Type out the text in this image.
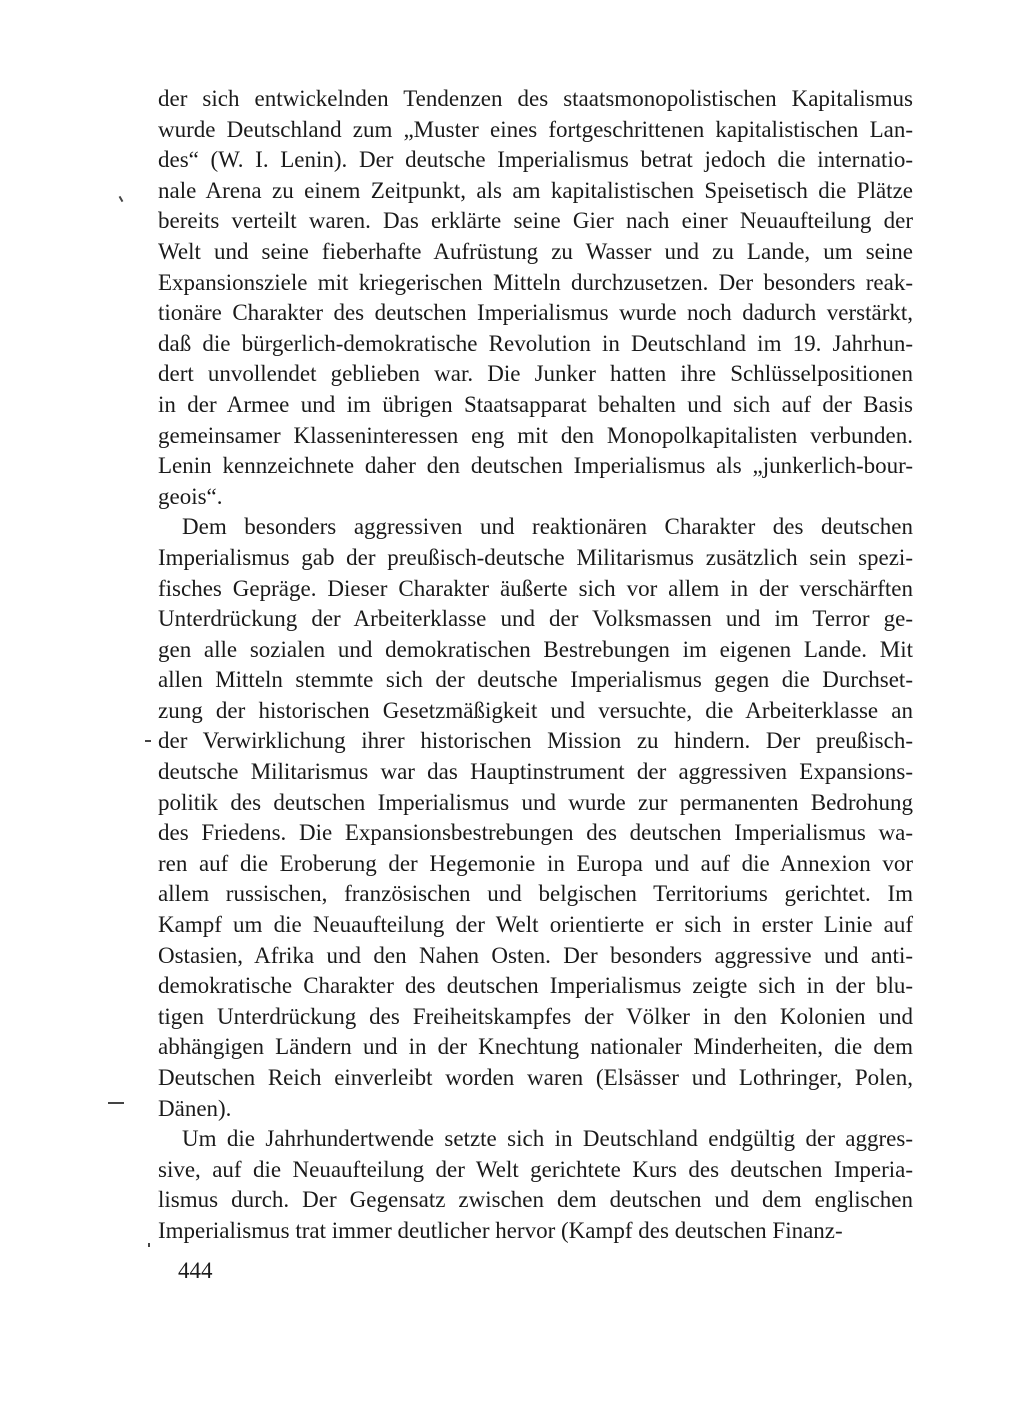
der sich entwickelnden Tendenzen des staatsmonopolistischen Kapitalismus
wurde Deutschland zum „Muster eines fortgeschrittenen kapitalistischen Lan-
des“ (W. I. Lenin). Der deutsche Imperialismus betrat jedoch die internatio-
nale Arena zu einem Zeitpunkt, als am kapitalistischen Speisetisch die Plätze
bereits verteilt waren. Das erklärte seine Gier nach einer Neuaufteilung der
Welt und seine fieberhafte Aufrüstung zu Wasser und zu Lande, um seine
Expansionsziele mit kriegerischen Mitteln durchzusetzen. Der besonders reak-
tionäre Charakter des deutschen Imperialismus wurde noch dadurch verstärkt,
daß die bürgerlich-demokratische Revolution in Deutschland im 19. Jahrhun-
dert unvollendet geblieben war. Die Junker hatten ihre Schlüsselpositionen
in der Armee und im übrigen Staatsapparat behalten und sich auf der Basis
gemeinsamer Klasseninteressen eng mit den Monopolkapitalisten verbunden.
Lenin kennzeichnete daher den deutschen Imperialismus als „junkerlich-bour-
geois“.
Dem besonders aggressiven und reaktionären Charakter des deutschen
Imperialismus gab der preußisch-deutsche Militarismus zusätzlich sein spezi-
fisches Gepräge. Dieser Charakter äußerte sich vor allem in der verschärften
Unterdrückung der Arbeiterklasse und der Volksmassen und im Terror ge-
gen alle sozialen und demokratischen Bestrebungen im eigenen Lande. Mit
allen Mitteln stemmte sich der deutsche Imperialismus gegen die Durchset-
zung der historischen Gesetzmäßigkeit und versuchte, die Arbeiterklasse an
der Verwirklichung ihrer historischen Mission zu hindern. Der preußisch-
deutsche Militarismus war das Hauptinstrument der aggressiven Expansions-
politik des deutschen Imperialismus und wurde zur permanenten Bedrohung
des Friedens. Die Expansionsbestrebungen des deutschen Imperialismus wa-
ren auf die Eroberung der Hegemonie in Europa und auf die Annexion vor
allem russischen, französischen und belgischen Territoriums gerichtet. Im
Kampf um die Neuaufteilung der Welt orientierte er sich in erster Linie auf
Ostasien, Afrika und den Nahen Osten. Der besonders aggressive und anti-
demokratische Charakter des deutschen Imperialismus zeigte sich in der blu-
tigen Unterdrückung des Freiheitskampfes der Völker in den Kolonien und
abhängigen Ländern und in der Knechtung nationaler Minderheiten, die dem
Deutschen Reich einverleibt worden waren (Elsässer und Lothringer, Polen,
Dänen).
Um die Jahrhundertwende setzte sich in Deutschland endgültig der aggres-
sive, auf die Neuaufteilung der Welt gerichtete Kurs des deutschen Imperia-
lismus durch. Der Gegensatz zwischen dem deutschen und dem englischen
Imperialismus trat immer deutlicher hervor (Kampf des deutschen Finanz-
444
